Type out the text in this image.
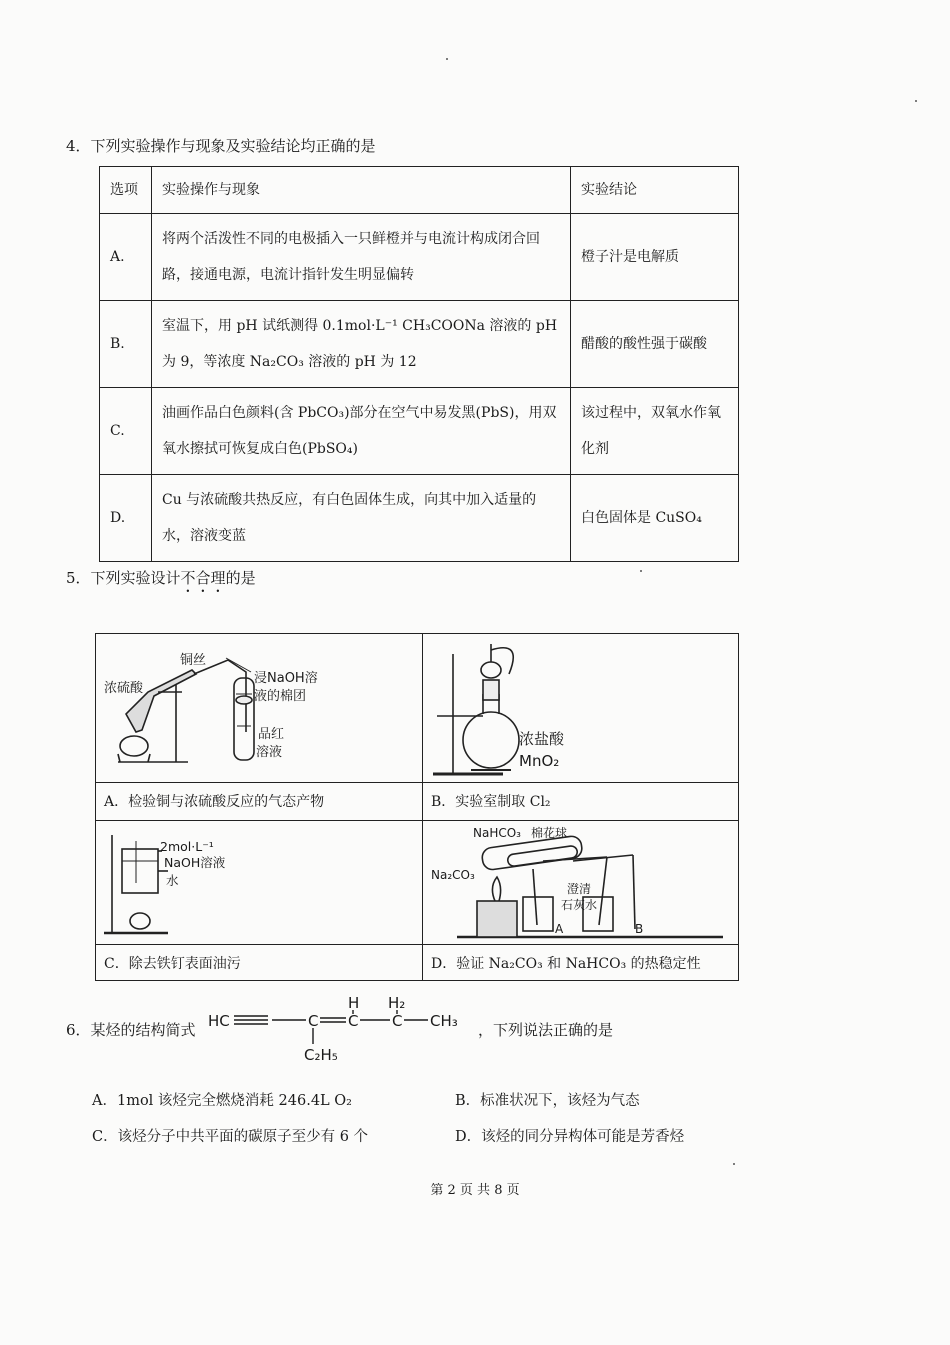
4．下列实验操作与现象及实验结论均正确的是
选项	实验操作与现象	实验结论
A.	将两个活泼性不同的电极插入一只鲜橙并与电流计构成闭合回路，接通电源，电流计指针发生明显偏转	橙子汁是电解质
B.	室温下，用 pH 试纸测得 0.1mol·L⁻¹ CH₃COONa 溶液的 pH 为 9，等浓度 Na₂CO₃ 溶液的 pH 为 12	醋酸的酸性强于碳酸
C.	油画作品白色颜料(含 PbCO₃)部分在空气中易发黑(PbS)，用双氧水擦拭可恢复成白色(PbSO₄)	该过程中，双氧水作氧化剂
D.	Cu 与浓硫酸共热反应，有白色固体生成，向其中加入适量的水，溶液变蓝	白色固体是 CuSO₄
5．下列实验设计不合理的是
浓硫酸
铜丝
浸NaOH溶
液的棉团
品红
溶液
浓盐酸
MnO₂
A．检验铜与浓硫酸反应的气态产物	B．实验室制取 Cl₂
2mol·L⁻¹
NaOH溶液
水
NaHCO₃ 棉花球
Na₂CO₃
澄清
石灰水
A	B
C．除去铁钉表面油污	D．验证 Na₂CO₃ 和 NaHCO₃ 的热稳定性
6．某烃的结构简式 HC	C C C CH₃
H H₂
C₂H₅
，下列说法正确的是
A．1mol 该烃完全燃烧消耗 246.4L O₂	B．标准状况下，该烃为气态
C．该烃分子中共平面的碳原子至少有 6 个	D．该烃的同分异构体可能是芳香烃
第 2 页 共 8 页
